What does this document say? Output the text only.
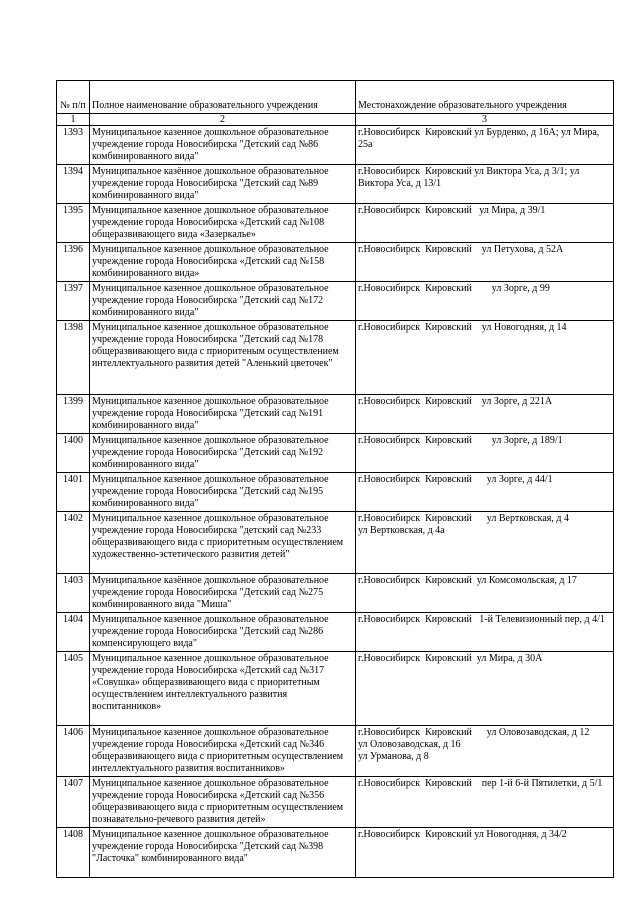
№ п/п	Полное наименование образовательного учреждения	Местонахождение образовательного учреждения
1	2	3
1393	Муниципальное казенное дошкольное образовательное учреждение города Новосибирска "Детский сад №86 комбинированного вида"	г.Новосибирск  Кировский ул Бурденко, д 16А; ул Мира, 25а
1394	Муниципальное казённое дошкольное образовательное учреждение города Новосибирска "Детский сад №89 комбинированного вида"	г.Новосибирск  Кировский ул Виктора Уса, д 3/1; ул Виктора Уса, д 13/1
1395	Муниципальное казенное дошкольное образовательное учреждение города Новосибирска «Детский сад №108 общеразвивающего вида «Зазеркалье»	г.Новосибирск  Кировский   ул Мира, д 39/1
1396	Муниципальное казенное дошкольное образовательное учреждение города Новосибирска «Детский сад №158 комбинированного вида»	г.Новосибирск  Кировский    ул Петухова, д 52А
1397	Муниципальное казенное дошкольное образовательное учреждение города Новосибирска "Детский сад №172 комбинированного вида"	г.Новосибирск  Кировский        ул Зорге, д 99
1398	Муниципальное казенное дошкольное образовательное учреждение города Новосибирска "Детский сад №178 общеразвивающего вида с приоритеным осуществлением интеллектуального развития детей "Аленький цветочек"	г.Новосибирск  Кировский    ул Новогодняя, д 14
1399	Муниципальное казенное дошкольное образовательное учреждение города Новосибирска "Детский сад №191 комбинированного вида"	г.Новосибирск  Кировский    ул Зорге, д 221А
1400	Муниципальное казенное дошкольное образовательное учреждение города Новосибирска "Детский сад №192 комбинированного вида"	г.Новосибирск  Кировский        ул Зорге, д 189/1
1401	Муниципальное казенное дошкольное образовательное учреждение города Новосибирска "Детский сад №195 комбинированного вида"	г.Новосибирск  Кировский      ул Зорге, д 44/1
1402	Муниципальное казенное дошкольное образовательное учреждение города Новосибирска "детский сад №233 общеразвивающего вида с приоритетным осуществлением художественно-эстетического развития детей"	г.Новосибирск  Кировский      ул Вертковская, д 4
ул Вертковская, д 4а
1403	Муниципальное казённое дошкольное образовательное учреждение города Новосибирска "Детский сад №275 комбинированного вида "Миша"	г.Новосибирск  Кировский  ул Комсомольская, д 17
1404	Муниципальное казенное дошкольное образовательное учреждение города Новосибирска "Детский сад №286 компенсирующего вида"	г.Новосибирск  Кировский   1-й Телевизионный пер, д 4/1
1405	Муниципальное казенное дошкольное образовательное учреждение города Новосибирска «Детский сад №317 «Совушка» общеразвивающего вида с приоритетным осуществлением интеллектуального развития воспитанников»	г.Новосибирск  Кировский  ул Мира, д 30А
1406	Муниципальное казенное дошкольное образовательное учреждение города Новосибирска «Детский сад №346 общеразвивающего вида с приоритетным осуществлением интеллектуального развития воспитанников»	г.Новосибирск  Кировский      ул Оловозаводская, д 12
ул Оловозаводская, д 16
ул Урманова, д 8
1407	Муниципальное казенное дошкольное образовательное учреждение города Новосибирска «Детский сад №356 общеразвивающего вида с приоритетным осуществлением познавательно-речевого развития детей»	г.Новосибирск  Кировский    пер 1-й 6-й Пятилетки, д 5/1
1408	Муниципальное казенное дошкольное образовательное учреждение города Новосибирска "Детский сад №398 "Ласточка" комбинированного вида"	г.Новосибирск  Кировский ул Новогодняя, д 34/2
